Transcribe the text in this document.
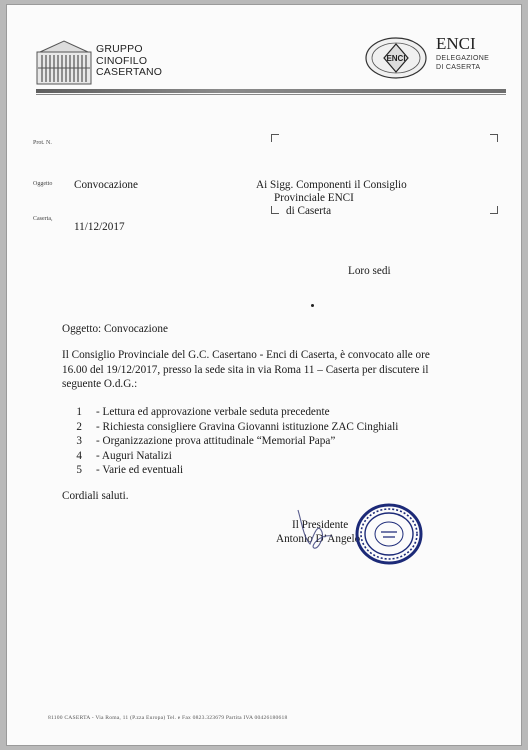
GRUPPO
CINOFILO
CASERTANO
ENCI
ENCI
DELEGAZIONE
DI CASERTA
Prot. N.
Oggetto Convocazione
Caserta,
11/12/2017
Ai Sigg. Componenti il Consiglio
Provinciale ENCI
di Caserta
Loro sedi
Oggetto: Convocazione
Il Consiglio Provinciale del G.C. Casertano - Enci di Caserta, è convocato alle ore
16.00 del 19/12/2017, presso la sede sita in via Roma 11 – Caserta per discutere il
seguente O.d.G.:
1 - Lettura ed approvazione verbale seduta precedente
2 - Richiesta consigliere Gravina Giovanni istituzione ZAC Cinghiali
3 - Organizzazione prova attitudinale “Memorial Papa”
4 - Auguri Natalizi
5 - Varie ed eventuali
Cordiali saluti.
Il Presidente
Antonio D’Angelo
81100 CASERTA - Via Roma, 11 (P.zza Europa) Tel. e Fax 0823.323679 Partita IVA 00426180618
